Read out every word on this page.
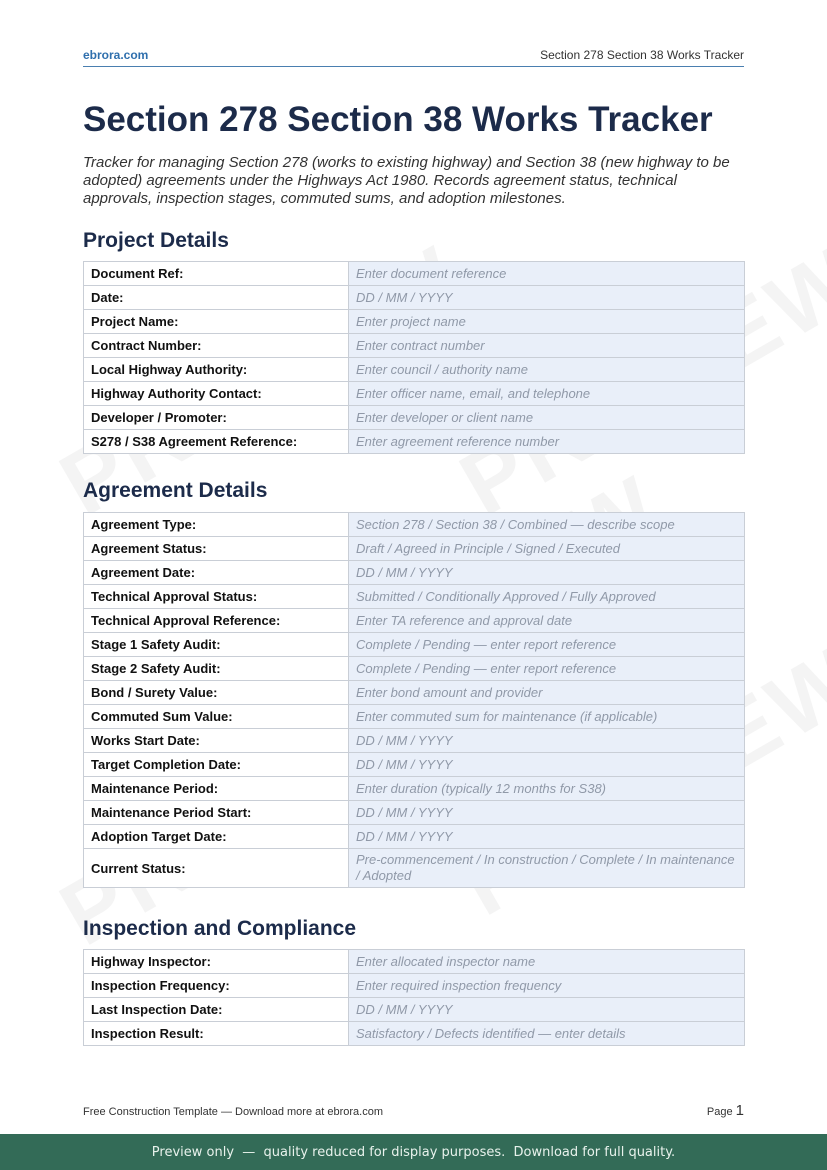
ebrora.com	Section 278 Section 38 Works Tracker
Section 278 Section 38 Works Tracker

Tracker for managing Section 278 (works to existing highway) and Section 38 (new highway to be adopted) agreements under the Highways Act 1980. Records agreement status, technical approvals, inspection stages, commuted sums, and adoption milestones.

Project Details
Document Ref:	Enter document reference
Date:	DD / MM / YYYY
Project Name:	Enter project name
Contract Number:	Enter contract number
Local Highway Authority:	Enter council / authority name
Highway Authority Contact:	Enter officer name, email, and telephone
Developer / Promoter:	Enter developer or client name
S278 / S38 Agreement Reference:	Enter agreement reference number
Agreement Details
Agreement Type:	Section 278 / Section 38 / Combined — describe scope
Agreement Status:	Draft / Agreed in Principle / Signed / Executed
Agreement Date:	DD / MM / YYYY
Technical Approval Status:	Submitted / Conditionally Approved / Fully Approved
Technical Approval Reference:	Enter TA reference and approval date
Stage 1 Safety Audit:	Complete / Pending — enter report reference
Stage 2 Safety Audit:	Complete / Pending — enter report reference
Bond / Surety Value:	Enter bond amount and provider
Commuted Sum Value:	Enter commuted sum for maintenance (if applicable)
Works Start Date:	DD / MM / YYYY
Target Completion Date:	DD / MM / YYYY
Maintenance Period:	Enter duration (typically 12 months for S38)
Maintenance Period Start:	DD / MM / YYYY
Adoption Target Date:	DD / MM / YYYY
Current Status:	Pre-commencement / In construction / Complete / In maintenance / Adopted
Inspection and Compliance
Highway Inspector:	Enter allocated inspector name
Inspection Frequency:	Enter required inspection frequency
Last Inspection Date:	DD / MM / YYYY
Inspection Result:	Satisfactory / Defects identified — enter details
Free Construction Template — Download more at ebrora.com	Page 1
Preview only  —  quality reduced for display purposes.  Download for full quality.
